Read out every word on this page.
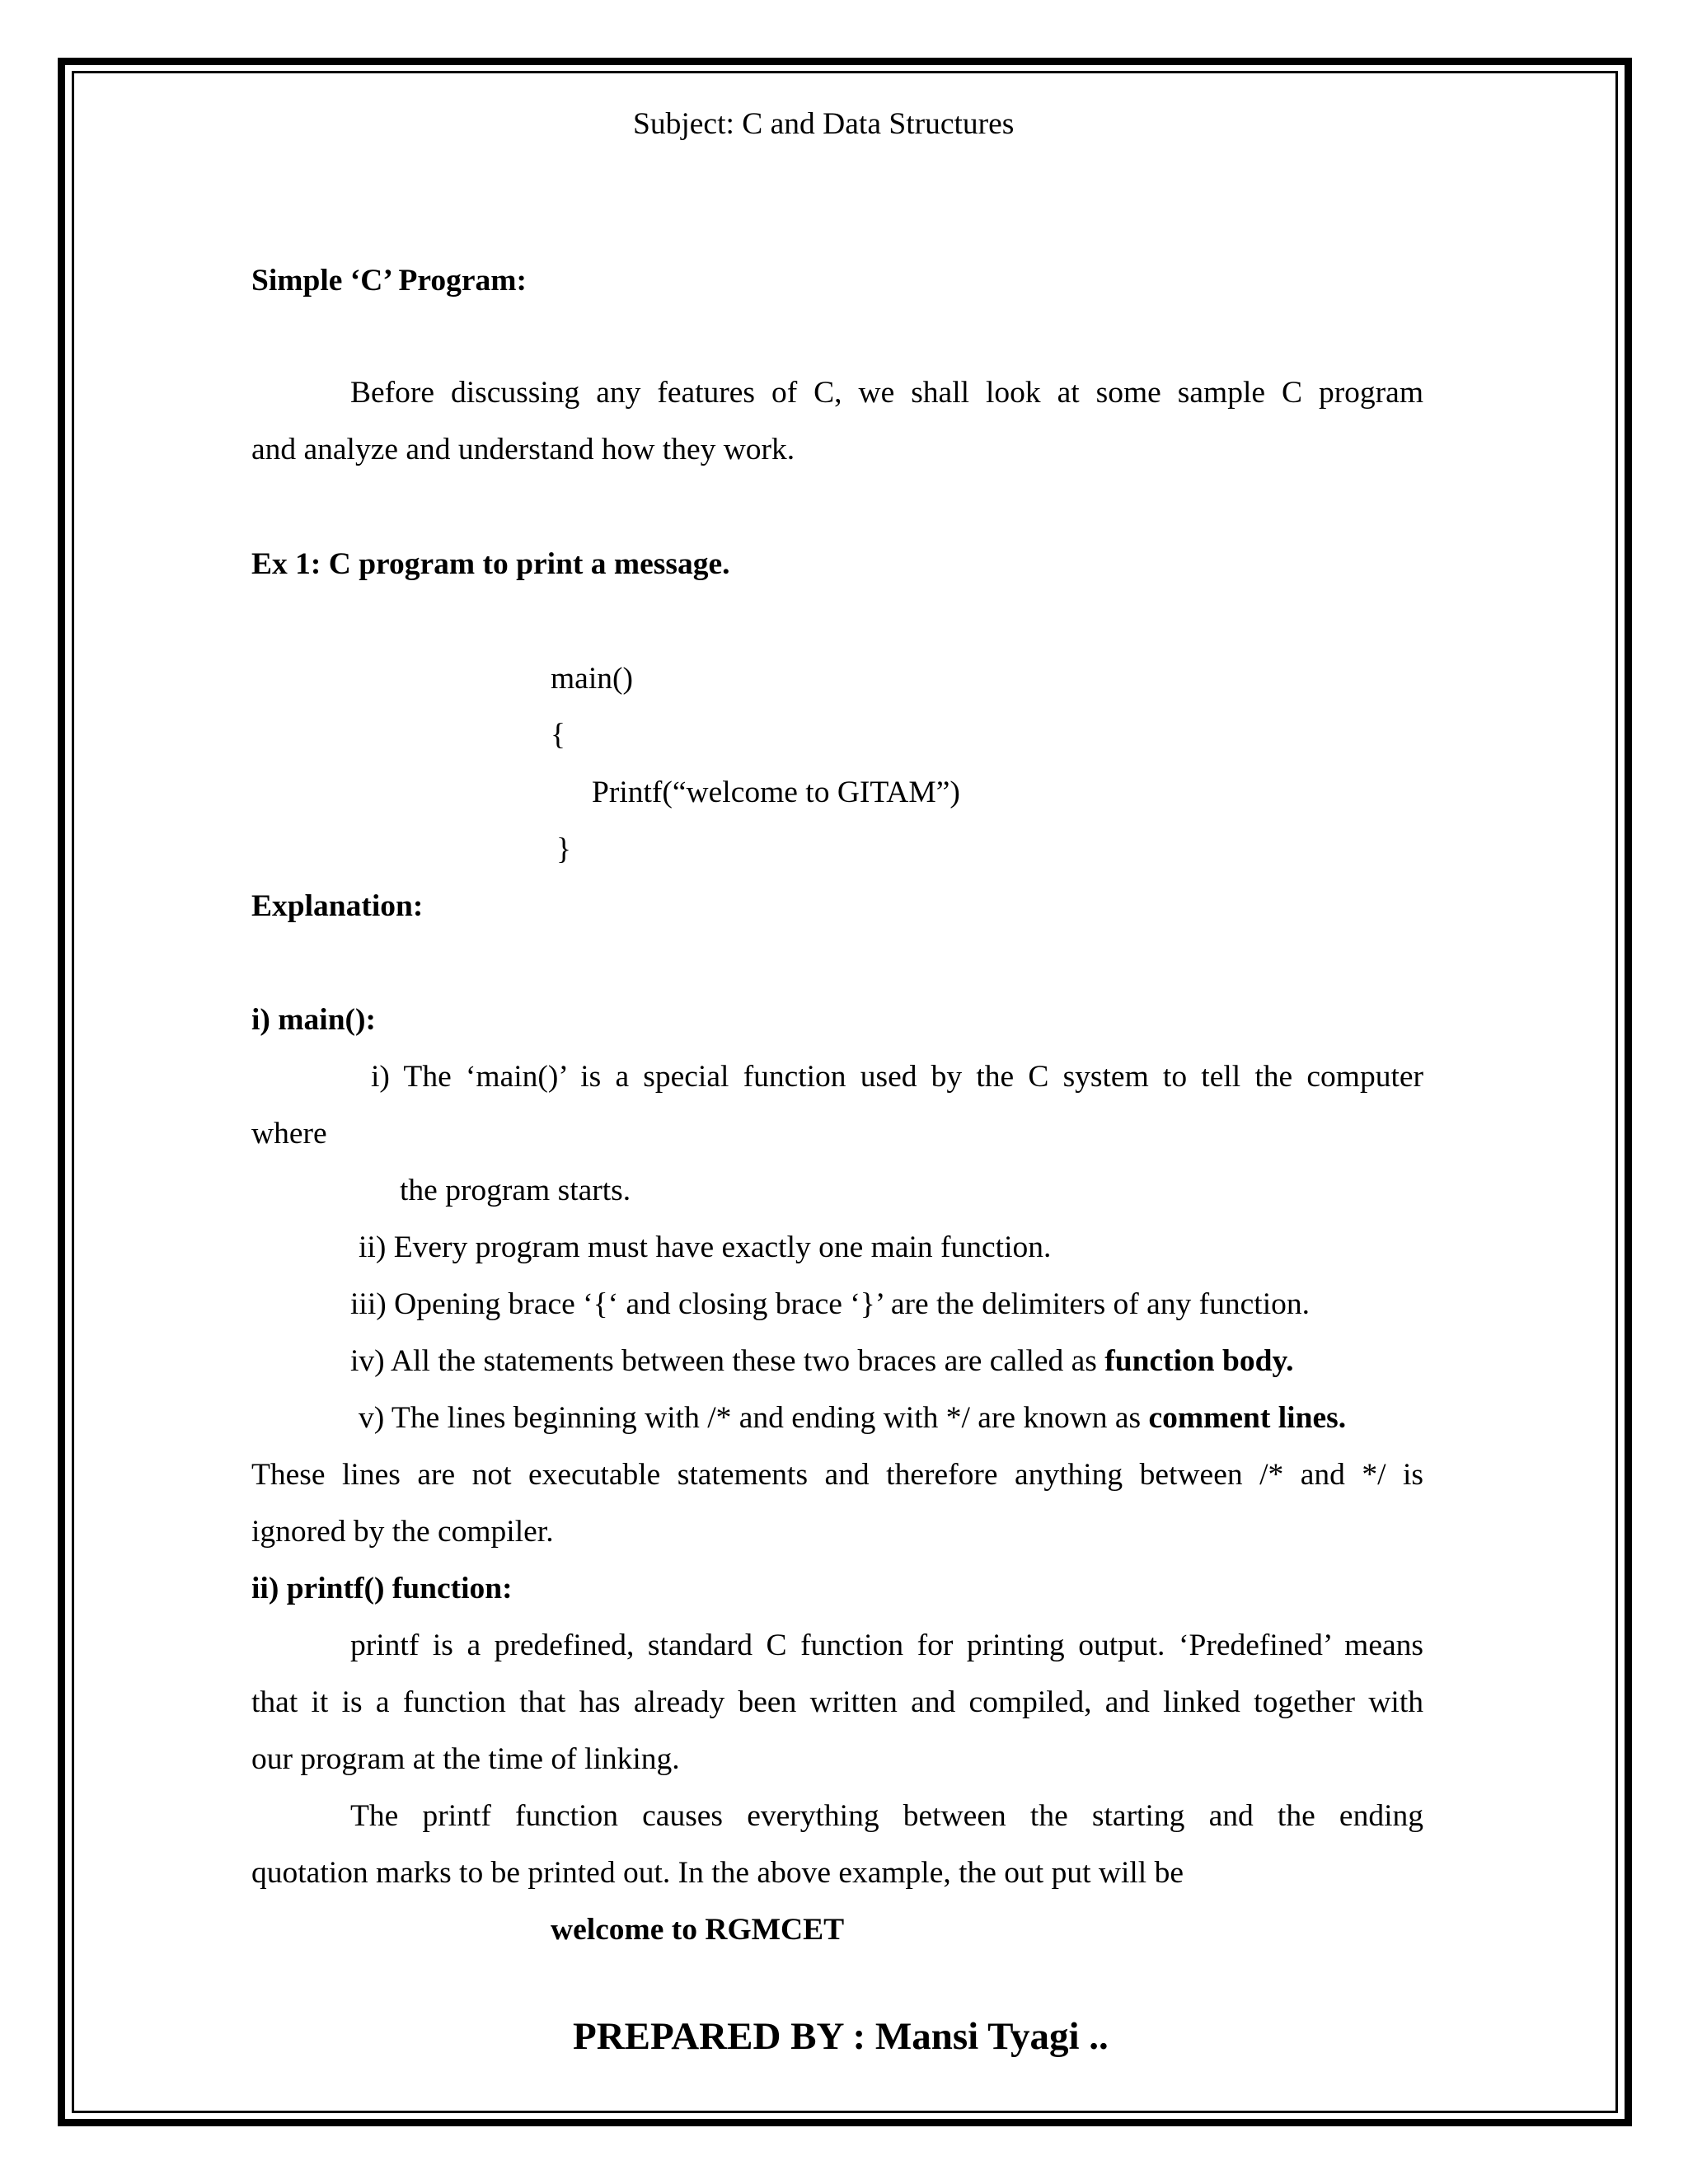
Subject: C and Data Structures
Simple ‘C’ Program:
Before discussing any features of C, we shall look at some sample C program
and analyze and understand how they work.
Ex 1: C program to print a message.
main()
{
Printf(“welcome to GITAM”)
}
Explanation:
i) main():
i) The ‘main()’ is a special function used by the C system to tell the computer
where
the program starts.
ii) Every program must have exactly one main function.
iii) Opening brace ‘{‘ and closing brace ‘}’ are the delimiters of any function.
iv) All the statements between these two braces are called as function body.
v) The lines beginning with /* and ending with */ are known as comment lines.
These lines are not executable statements and therefore anything between /* and */ is
ignored by the compiler.
ii) printf() function:
printf is a predefined, standard C function for printing output. ‘Predefined’ means
that it is a function that has already been written and compiled, and linked together with
our program at the time of linking.
The printf function causes everything between the starting and the ending
quotation marks to be printed out. In the above example, the out put will be
welcome to RGMCET
PREPARED BY : Mansi Tyagi ..
